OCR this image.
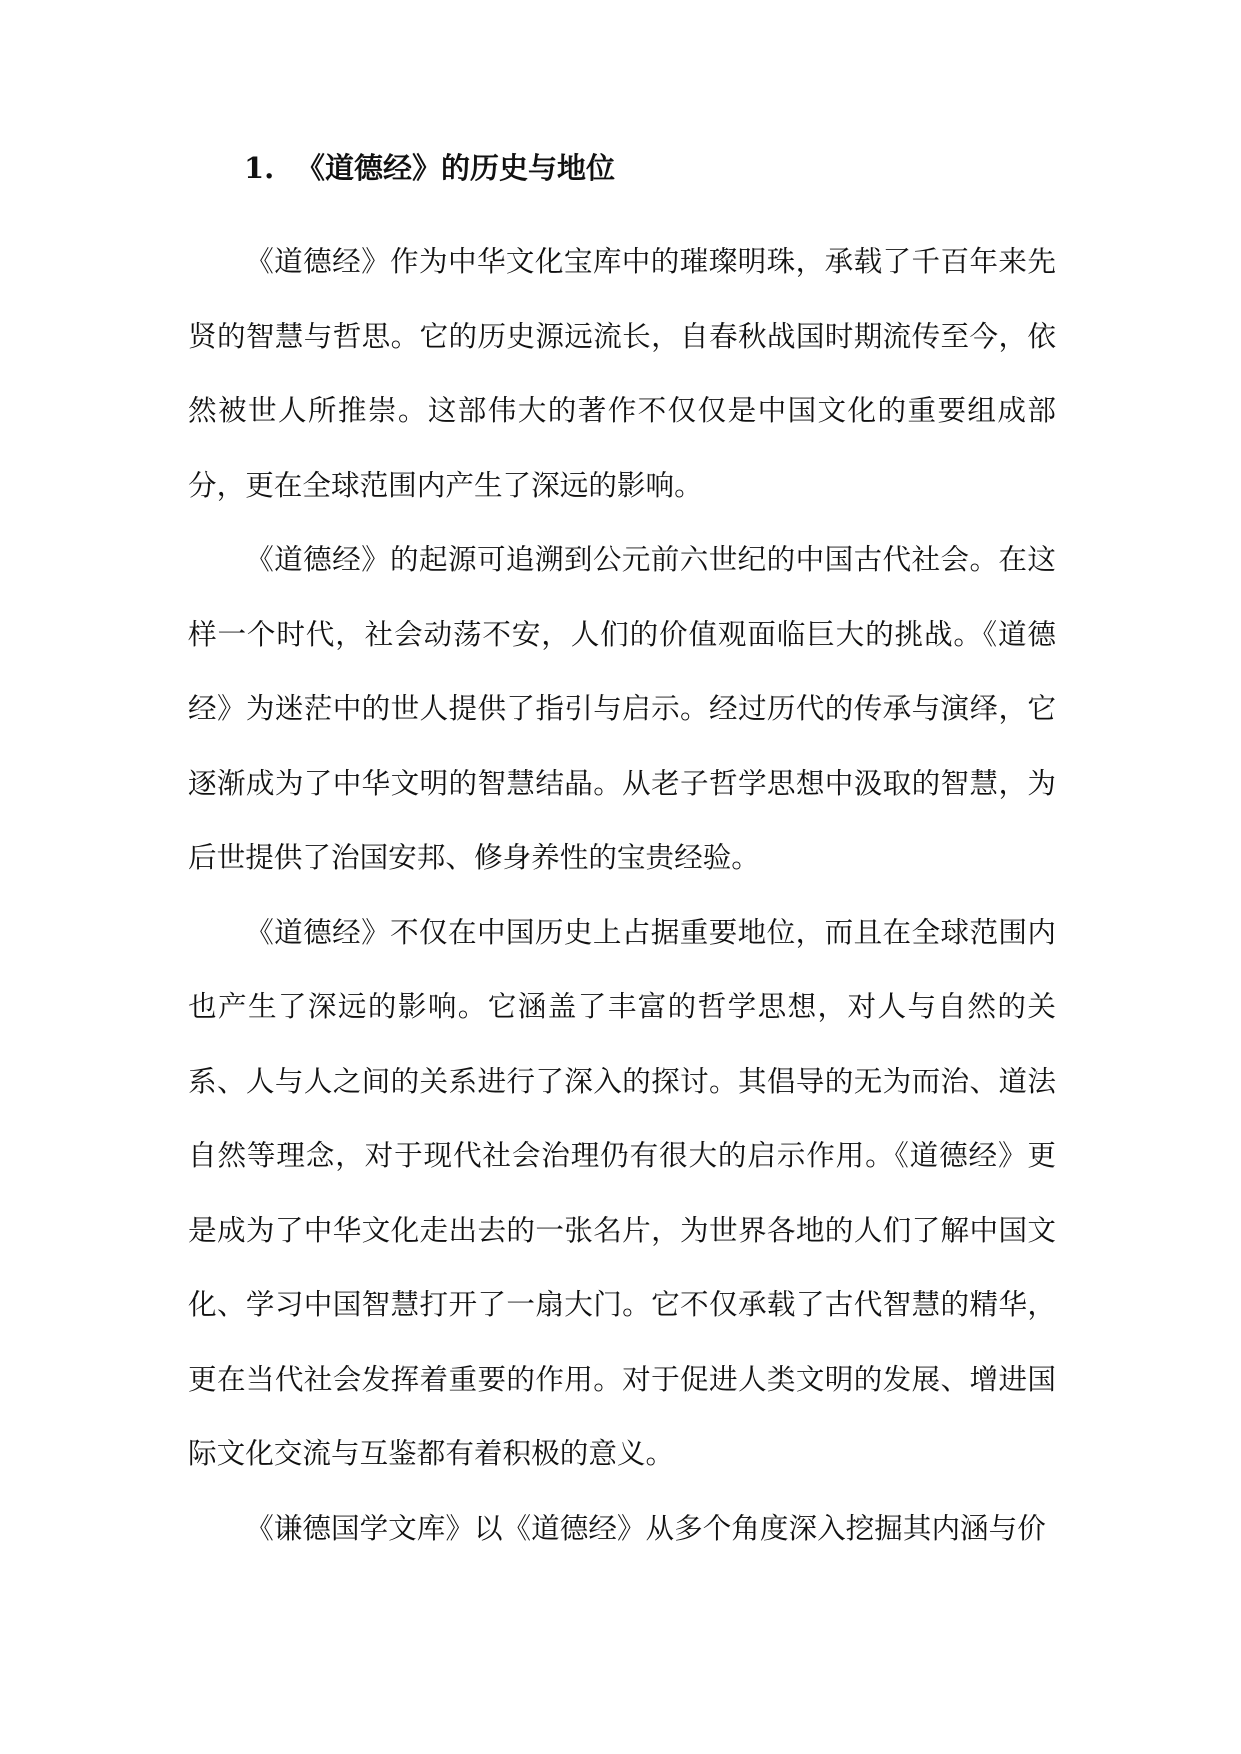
1. 《道德经》的历史与地位

《道德经》作为中华文化宝库中的璀璨明珠，承载了千百年来先贤的智慧与哲思。它的历史源远流长，自春秋战国时期流传至今，依然被世人所推崇。这部伟大的著作不仅仅是中国文化的重要组成部分，更在全球范围内产生了深远的影响。

《道德经》的起源可追溯到公元前六世纪的中国古代社会。在这样一个时代，社会动荡不安，人们的价值观面临巨大的挑战。《道德经》为迷茫中的世人提供了指引与启示。经过历代的传承与演绎，它逐渐成为了中华文明的智慧结晶。从老子哲学思想中汲取的智慧，为后世提供了治国安邦、修身养性的宝贵经验。

《道德经》不仅在中国历史上占据重要地位，而且在全球范围内也产生了深远的影响。它涵盖了丰富的哲学思想，对人与自然的关系、人与人之间的关系进行了深入的探讨。其倡导的无为而治、道法自然等理念，对于现代社会治理仍有很大的启示作用。《道德经》更是成为了中华文化走出去的一张名片，为世界各地的人们了解中国文化、学习中国智慧打开了一扇大门。它不仅承载了古代智慧的精华，更在当代社会发挥着重要的作用。对于促进人类文明的发展、增进国际文化交流与互鉴都有着积极的意义。

《谦德国学文库》以《道德经》从多个角度深入挖掘其内涵与价
